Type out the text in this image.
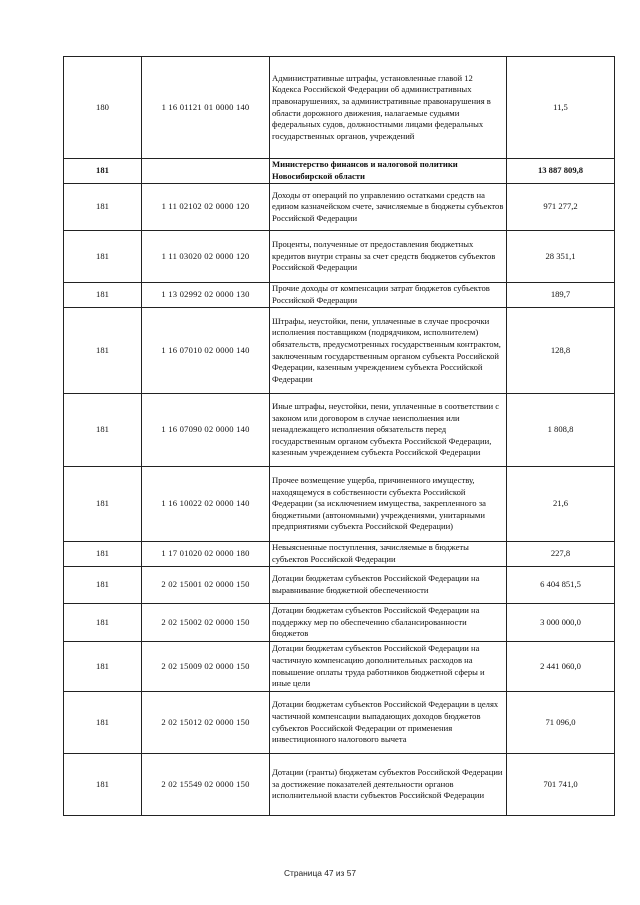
180	1 16 01121 01 0000 140	Административные штрафы, установленные главой 12 Кодекса Российской Федерации об административных правонарушениях, за административные правонарушения в области дорожного движения, налагаемые судьями федеральных судов, должностными лицами федеральных государственных органов, учреждений	11,5
181		Министерство финансов и налоговой политики Новосибирской области	13 887 809,8
181	1 11 02102 02 0000 120	Доходы от операций по управлению остатками средств на едином казначейском счете, зачисляемые в бюджеты субъектов Российской Федерации	971 277,2
181	1 11 03020 02 0000 120	Проценты, полученные от предоставления бюджетных кредитов внутри страны за счет средств бюджетов субъектов Российской Федерации	28 351,1
181	1 13 02992 02 0000 130	Прочие доходы от компенсации затрат бюджетов субъектов Российской Федерации	189,7
181	1 16 07010 02 0000 140	Штрафы, неустойки, пени, уплаченные в случае просрочки исполнения поставщиком (подрядчиком, исполнителем) обязательств, предусмотренных государственным контрактом, заключенным государственным органом субъекта Российской Федерации, казенным учреждением субъекта Российской Федерации	128,8
181	1 16 07090 02 0000 140	Иные штрафы, неустойки, пени, уплаченные в соответствии с законом или договором в случае неисполнения или ненадлежащего исполнения обязательств перед государственным органом субъекта Российской Федерации, казенным учреждением субъекта Российской Федерации	1 808,8
181	1 16 10022 02 0000 140	Прочее возмещение ущерба, причиненного имуществу, находящемуся в собственности субъекта Российской Федерации (за исключением имущества, закрепленного за бюджетными (автономными) учреждениями, унитарными предприятиями субъекта Российской Федерации)	21,6
181	1 17 01020 02 0000 180	Невыясненные поступления, зачисляемые в бюджеты субъектов Российской Федерации	227,8
181	2 02 15001 02 0000 150	Дотации бюджетам субъектов Российской Федерации на выравнивание бюджетной обеспеченности	6 404 851,5
181	2 02 15002 02 0000 150	Дотации бюджетам субъектов Российской Федерации на поддержку мер по обеспечению сбалансированности бюджетов	3 000 000,0
181	2 02 15009 02 0000 150	Дотации бюджетам субъектов Российской Федерации на частичную компенсацию дополнительных расходов на повышение оплаты труда работников бюджетной сферы и иные цели	2 441 060,0
181	2 02 15012 02 0000 150	Дотации бюджетам субъектов Российской Федерации в целях частичной компенсации выпадающих доходов бюджетов субъектов Российской Федерации от применения инвестиционного налогового вычета	71 096,0
181	2 02 15549 02 0000 150	Дотации (гранты) бюджетам субъектов Российской Федерации за достижение показателей деятельности органов исполнительной власти субъектов Российской Федерации	701 741,0
Страница 47 из 57
